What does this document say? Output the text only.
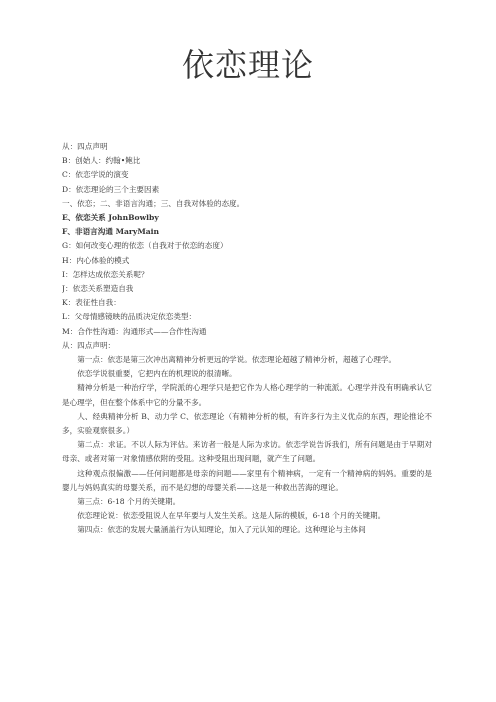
依恋理论
从：四点声明
B：创始人：约翰•鲍比
C：依恋学说的演变
D：依恋理论的三个主要因素
一、依恋；二、非语言沟通；三、自我对体验的态度。
E、依恋关系 JohnBowlby
F、非语言沟通 MaryMain
G：如何改变心理的依恋（自我对于依恋的态度）
H：内心体验的模式
I：怎样达成依恋关系呢？
J：依恋关系塑造自我
K：表征性自我：
L：父母情感镜映的品质决定依恋类型：
M：合作性沟通：沟通形式——合作性沟通
从：四点声明：

第一点：依恋是第三次冲出离精神分析更远的学说。依恋理论超越了精神分析，超越了心理学。

依恋学说很重要，它把内在的机理说的很清晰。

精神分析是一种治疗学，学院派的心理学只是把它作为人格心理学的一种流派。心理学并没有明确承认它是心理学，但在整个体系中它的分量不多。

人、经典精神分析 B、动力学 C、依恋理论（有精神分析的根，有许多行为主义优点的东西，理论推论不多，实验观察很多。）

第二点：求证。不以人际为评估。来访者一般是人际为求访。依恋学说告诉我们，所有问题是由于早期对母亲、或者对第一对象情感依附的受阻。这种受阻出现问题，就产生了问题。

这种观点很偏激——任何问题都是母亲的问题——家里有个精神病，一定有一个精神病的妈妈。重要的是婴儿与妈妈真实的母婴关系，而不是幻想的母婴关系——这是一种救出苦海的理论。

第三点：6-18 个月的关键期。

依恋理论说：依恋受阻说人在早年要与人发生关系。这是人际的模版，6-18 个月的关键期。

第四点：依恋的发展大量涵盖行为认知理论，加入了元认知的理论。这种理论与主体间
